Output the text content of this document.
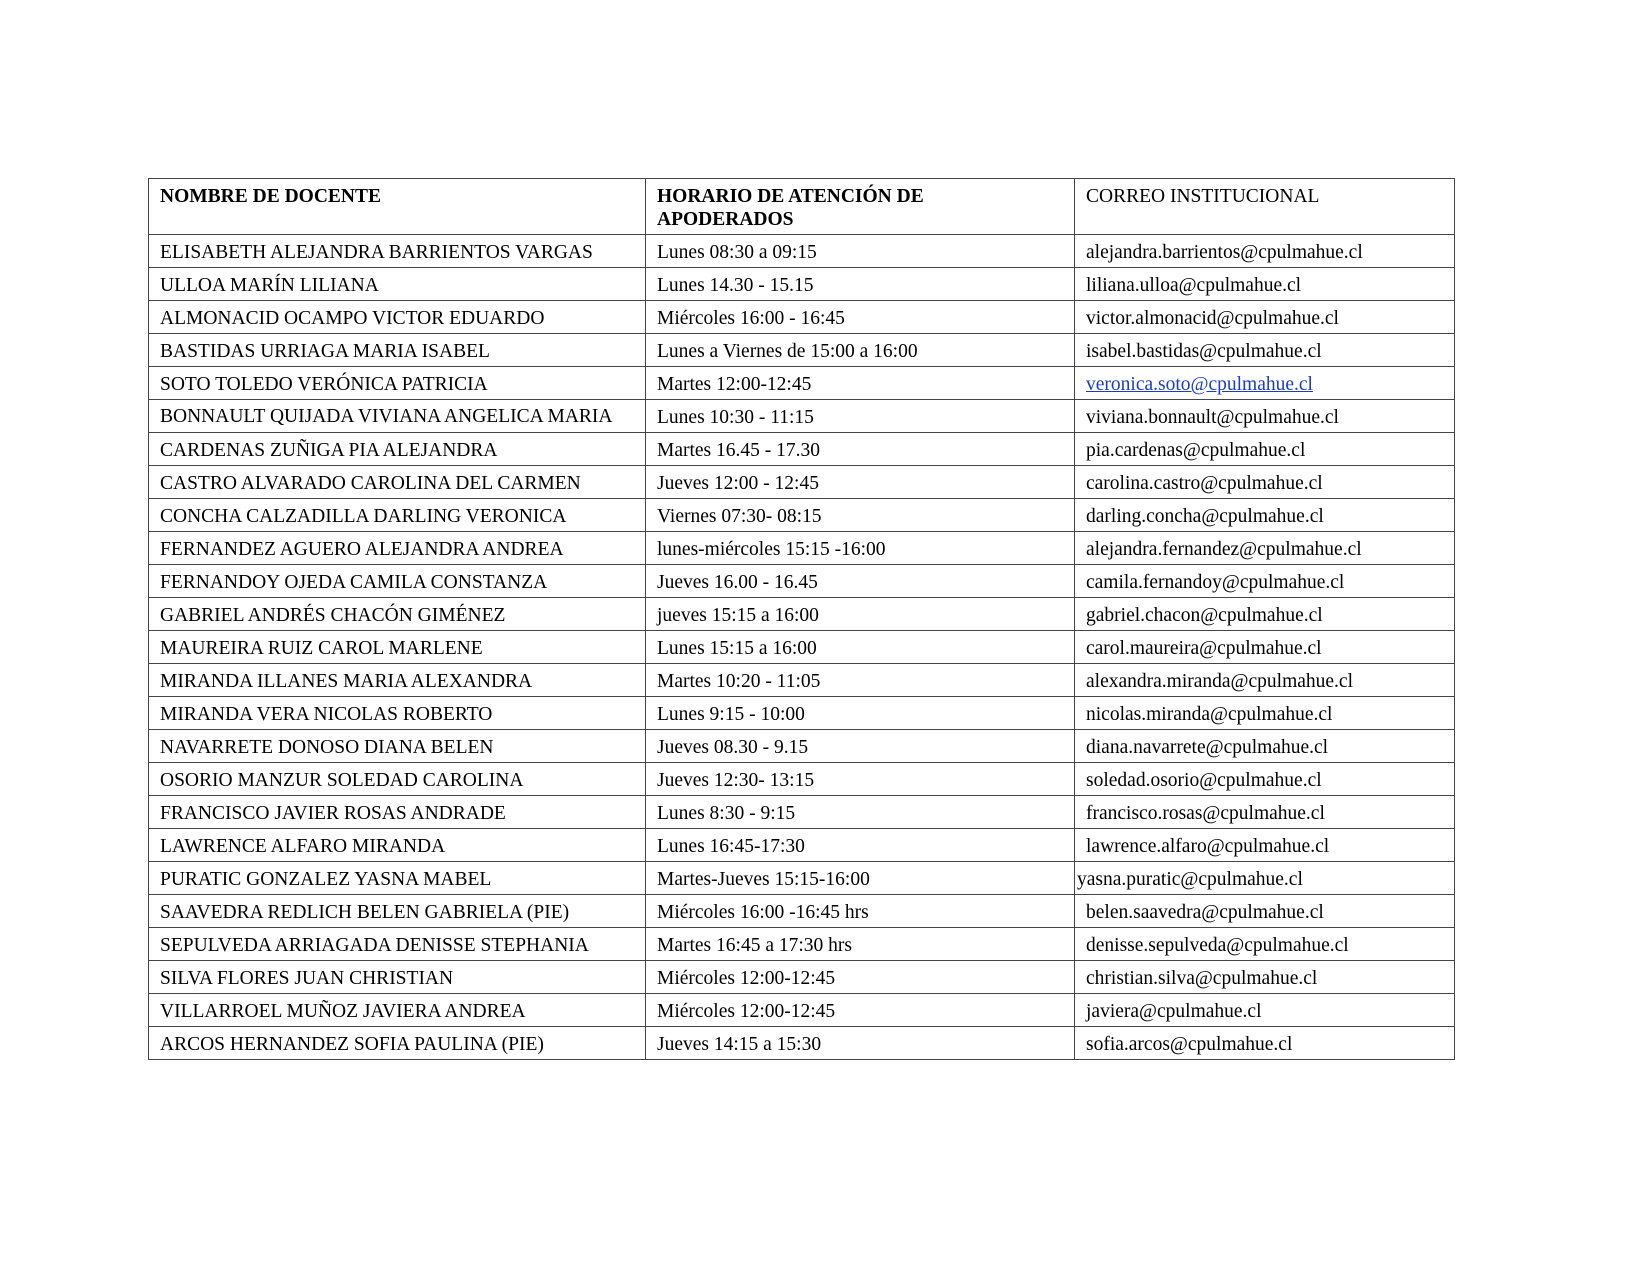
NOMBRE DE DOCENTE	HORARIO DE ATENCIÓN DE APODERADOS	CORREO INSTITUCIONAL
ELISABETH ALEJANDRA BARRIENTOS VARGAS	Lunes 08:30 a 09:15	alejandra.barrientos@cpulmahue.cl
ULLOA MARÍN LILIANA	Lunes 14.30 - 15.15	liliana.ulloa@cpulmahue.cl
ALMONACID OCAMPO VICTOR EDUARDO	Miércoles 16:00 - 16:45	victor.almonacid@cpulmahue.cl
BASTIDAS URRIAGA MARIA ISABEL	Lunes a Viernes de 15:00 a 16:00	isabel.bastidas@cpulmahue.cl
SOTO TOLEDO VERÓNICA PATRICIA	Martes 12:00-12:45	veronica.soto@cpulmahue.cl
BONNAULT QUIJADA VIVIANA ANGELICA MARIA	Lunes 10:30 - 11:15	viviana.bonnault@cpulmahue.cl
CARDENAS ZUÑIGA PIA ALEJANDRA	Martes 16.45 - 17.30	pia.cardenas@cpulmahue.cl
CASTRO ALVARADO CAROLINA DEL CARMEN	Jueves 12:00 - 12:45	carolina.castro@cpulmahue.cl
CONCHA CALZADILLA DARLING VERONICA	Viernes 07:30- 08:15	darling.concha@cpulmahue.cl
FERNANDEZ AGUERO ALEJANDRA ANDREA	lunes-miércoles 15:15 -16:00	alejandra.fernandez@cpulmahue.cl
FERNANDOY OJEDA CAMILA CONSTANZA	Jueves 16.00 - 16.45	camila.fernandoy@cpulmahue.cl
GABRIEL ANDRÉS CHACÓN GIMÉNEZ	jueves 15:15 a 16:00	gabriel.chacon@cpulmahue.cl
MAUREIRA RUIZ CAROL MARLENE	Lunes 15:15 a 16:00	carol.maureira@cpulmahue.cl
MIRANDA ILLANES MARIA ALEXANDRA	Martes 10:20 - 11:05	alexandra.miranda@cpulmahue.cl
MIRANDA VERA NICOLAS ROBERTO	Lunes 9:15 - 10:00	nicolas.miranda@cpulmahue.cl
NAVARRETE DONOSO DIANA BELEN	Jueves 08.30 - 9.15	diana.navarrete@cpulmahue.cl
OSORIO MANZUR SOLEDAD CAROLINA	Jueves 12:30- 13:15	soledad.osorio@cpulmahue.cl
FRANCISCO JAVIER ROSAS ANDRADE	Lunes 8:30 - 9:15	francisco.rosas@cpulmahue.cl
LAWRENCE ALFARO MIRANDA	Lunes 16:45-17:30	lawrence.alfaro@cpulmahue.cl
PURATIC GONZALEZ YASNA MABEL	Martes-Jueves 15:15-16:00	yasna.puratic@cpulmahue.cl
SAAVEDRA REDLICH BELEN GABRIELA (PIE)	Miércoles 16:00 -16:45 hrs	belen.saavedra@cpulmahue.cl
SEPULVEDA ARRIAGADA DENISSE STEPHANIA	Martes 16:45 a 17:30 hrs	denisse.sepulveda@cpulmahue.cl
SILVA FLORES JUAN CHRISTIAN	Miércoles 12:00-12:45	christian.silva@cpulmahue.cl
VILLARROEL MUÑOZ JAVIERA ANDREA	Miércoles 12:00-12:45	javiera@cpulmahue.cl
ARCOS HERNANDEZ SOFIA PAULINA (PIE)	Jueves 14:15 a 15:30	sofia.arcos@cpulmahue.cl
